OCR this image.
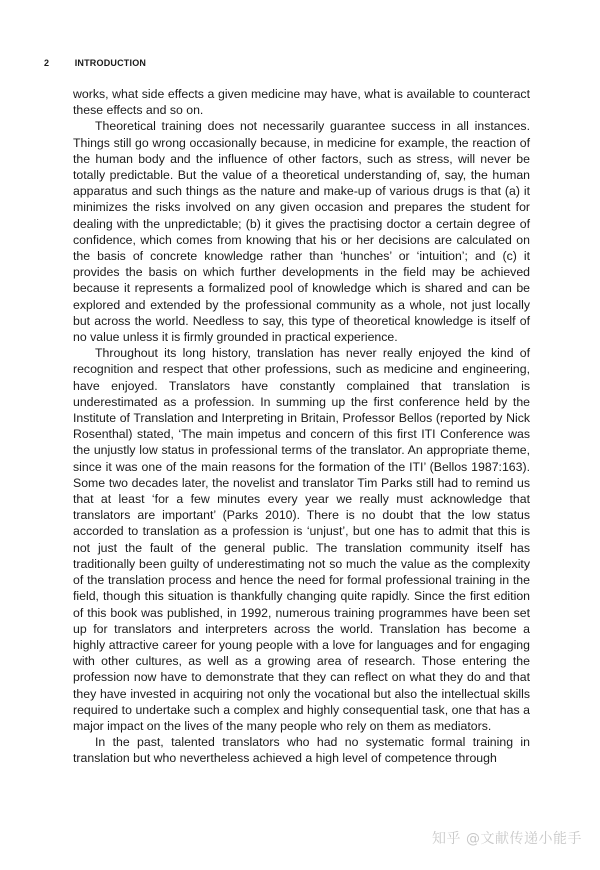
2	INTRODUCTION

works, what side effects a given medicine may have, what is available to counteract these effects and so on.

Theoretical training does not necessarily guarantee success in all instances. Things still go wrong occasionally because, in medicine for example, the reaction of the human body and the influence of other factors, such as stress, will never be totally predictable. But the value of a theoretical understanding of, say, the human apparatus and such things as the nature and make-up of various drugs is that (a) it minimizes the risks involved on any given occasion and prepares the student for dealing with the unpredictable; (b) it gives the practising doctor a certain degree of confidence, which comes from knowing that his or her decisions are calculated on the basis of concrete knowledge rather than ‘hunches’ or ‘intuition’; and (c) it provides the basis on which further developments in the field may be achieved because it represents a formalized pool of knowledge which is shared and can be explored and extended by the professional community as a whole, not just locally but across the world. Needless to say, this type of theoretical knowledge is itself of no value unless it is firmly grounded in practical experience.

Throughout its long history, translation has never really enjoyed the kind of recognition and respect that other professions, such as medicine and engineering, have enjoyed. Translators have constantly complained that translation is underestimated as a profession. In summing up the first conference held by the Institute of Translation and Interpreting in Britain, Professor Bellos (reported by Nick Rosenthal) stated, ‘The main impetus and concern of this first ITI Conference was the unjustly low status in professional terms of the translator. An appropriate theme, since it was one of the main reasons for the formation of the ITI’ (Bellos 1987:163). Some two decades later, the novelist and translator Tim Parks still had to remind us that at least ‘for a few minutes every year we really must acknowledge that translators are important’ (Parks 2010). There is no doubt that the low status accorded to translation as a profession is ‘unjust’, but one has to admit that this is not just the fault of the general public. The translation community itself has traditionally been guilty of underestimating not so much the value as the complexity of the translation process and hence the need for formal professional training in the field, though this situation is thankfully changing quite rapidly. Since the first edition of this book was published, in 1992, numerous training programmes have been set up for translators and interpreters across the world. Translation has become a highly attractive career for young people with a love for languages and for engaging with other cultures, as well as a growing area of research. Those entering the profession now have to demonstrate that they can reflect on what they do and that they have invested in acquiring not only the vocational but also the intellectual skills required to undertake such a complex and highly consequential task, one that has a major impact on the lives of the many people who rely on them as mediators.

In the past, talented translators who had no systematic formal training in translation but who nevertheless achieved a high level of competence through

知乎 @文献传递小能手
